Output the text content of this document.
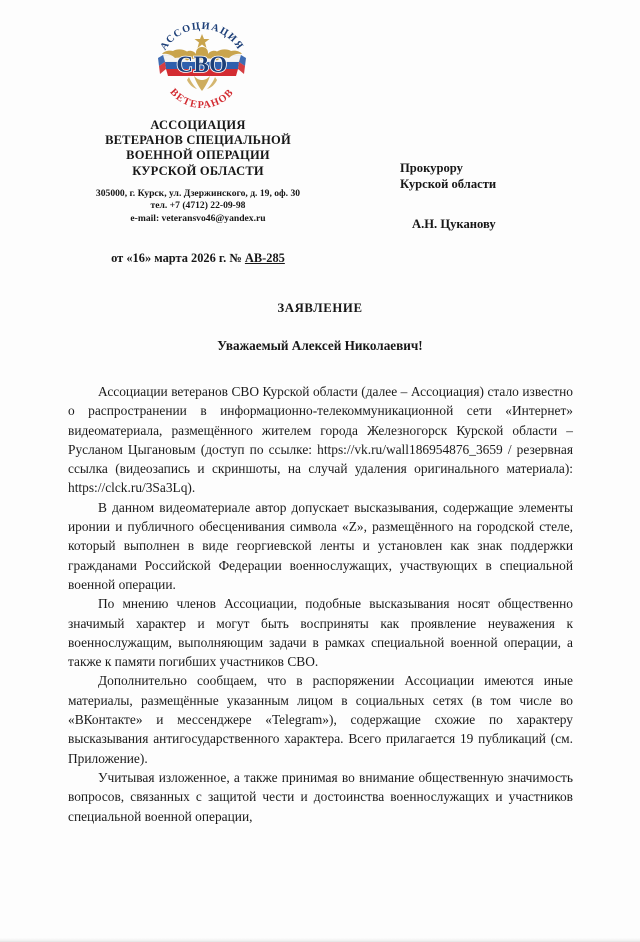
СВО
АССОЦИАЦИЯ
ВЕТЕРАНОВ
АССОЦИАЦИЯ
ВЕТЕРАНОВ СПЕЦИАЛЬНОЙ
ВОЕННОЙ ОПЕРАЦИИ
КУРСКОЙ ОБЛАСТИ
305000, г. Курск, ул. Дзержинского, д. 19, оф. 30
тел. +7 (4712) 22-09-98
e-mail: veteransvo46@yandex.ru
от «16» марта 2026 г. № АВ-285
Прокурору
Курской области
А.Н. Цуканову
ЗАЯВЛЕНИЕ
Уважаемый Алексей Николаевич!

Ассоциации ветеранов СВО Курской области (далее – Ассоциация) стало известно о распространении в информационно-телекоммуникационной сети «Интернет» видеоматериала, размещённого жителем города Железногорск Курской области – Русланом Цыгановым (доступ по ссылке: https://vk.ru/wall186954876_3659 / резервная ссылка (видеозапись и скриншоты, на случай удаления оригинального материала): https://clck.ru/3Sa3Lq).

В данном видеоматериале автор допускает высказывания, содержащие элементы иронии и публичного обесценивания символа «Z», размещённого на городской стеле, который выполнен в виде георгиевской ленты и установлен как знак поддержки гражданами Российской Федерации военнослужащих, участвующих в специальной военной операции.

По мнению членов Ассоциации, подобные высказывания носят общественно значимый характер и могут быть восприняты как проявление неуважения к военнослужащим, выполняющим задачи в рамках специальной военной операции, а также к памяти погибших участников СВО.

Дополнительно сообщаем, что в распоряжении Ассоциации имеются иные материалы, размещённые указанным лицом в социальных сетях (в том числе во «ВКонтакте» и мессенджере «Telegram»), содержащие схожие по характеру высказывания антигосударственного характера. Всего прилагается 19 публикаций (см. Приложение).

Учитывая изложенное, а также принимая во внимание общественную значимость вопросов, связанных с защитой чести и достоинства военнослужащих и участников специальной военной операции,
